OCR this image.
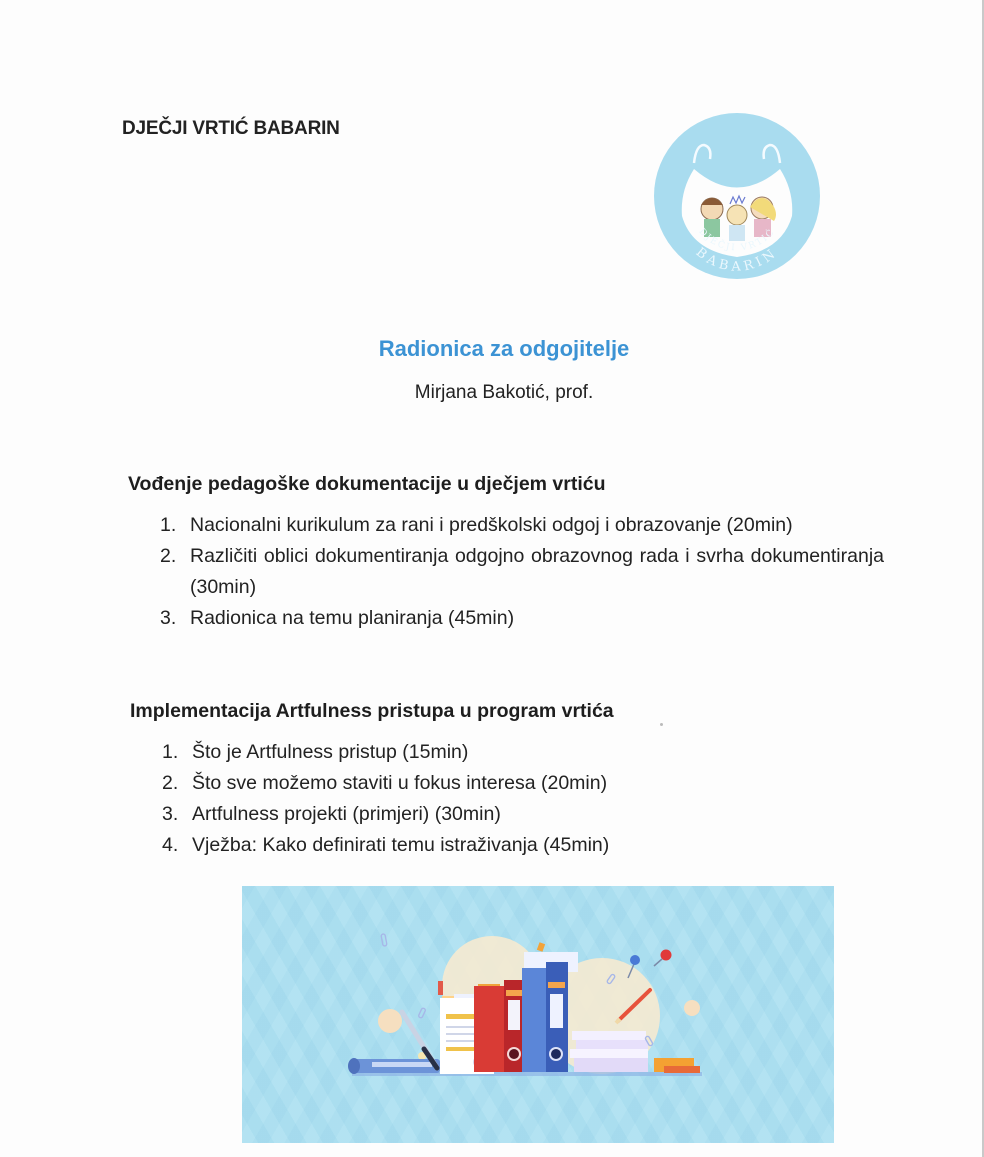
DJEČJI VRTIĆ BABARIN
DJEČJI VRTIĆ
BABARIN
Radionica za odgojitelje
Mirjana Bakotić, prof.
Vođenje pedagoške dokumentacije u dječjem vrtiću
1. Nacionalni kurikulum za rani i predškolski odgoj i obrazovanje (20min)
2. Različiti oblici dokumentiranja odgojno obrazovnog rada i svrha dokumentiranja (30min)
3. Radionica na temu planiranja (45min)
Implementacija Artfulness pristupa u program vrtića
1. Što je Artfulness pristup (15min)
2. Što sve možemo staviti u fokus interesa (20min)
3. Artfulness projekti (primjeri) (30min)
4. Vježba: Kako definirati temu istraživanja (45min)
